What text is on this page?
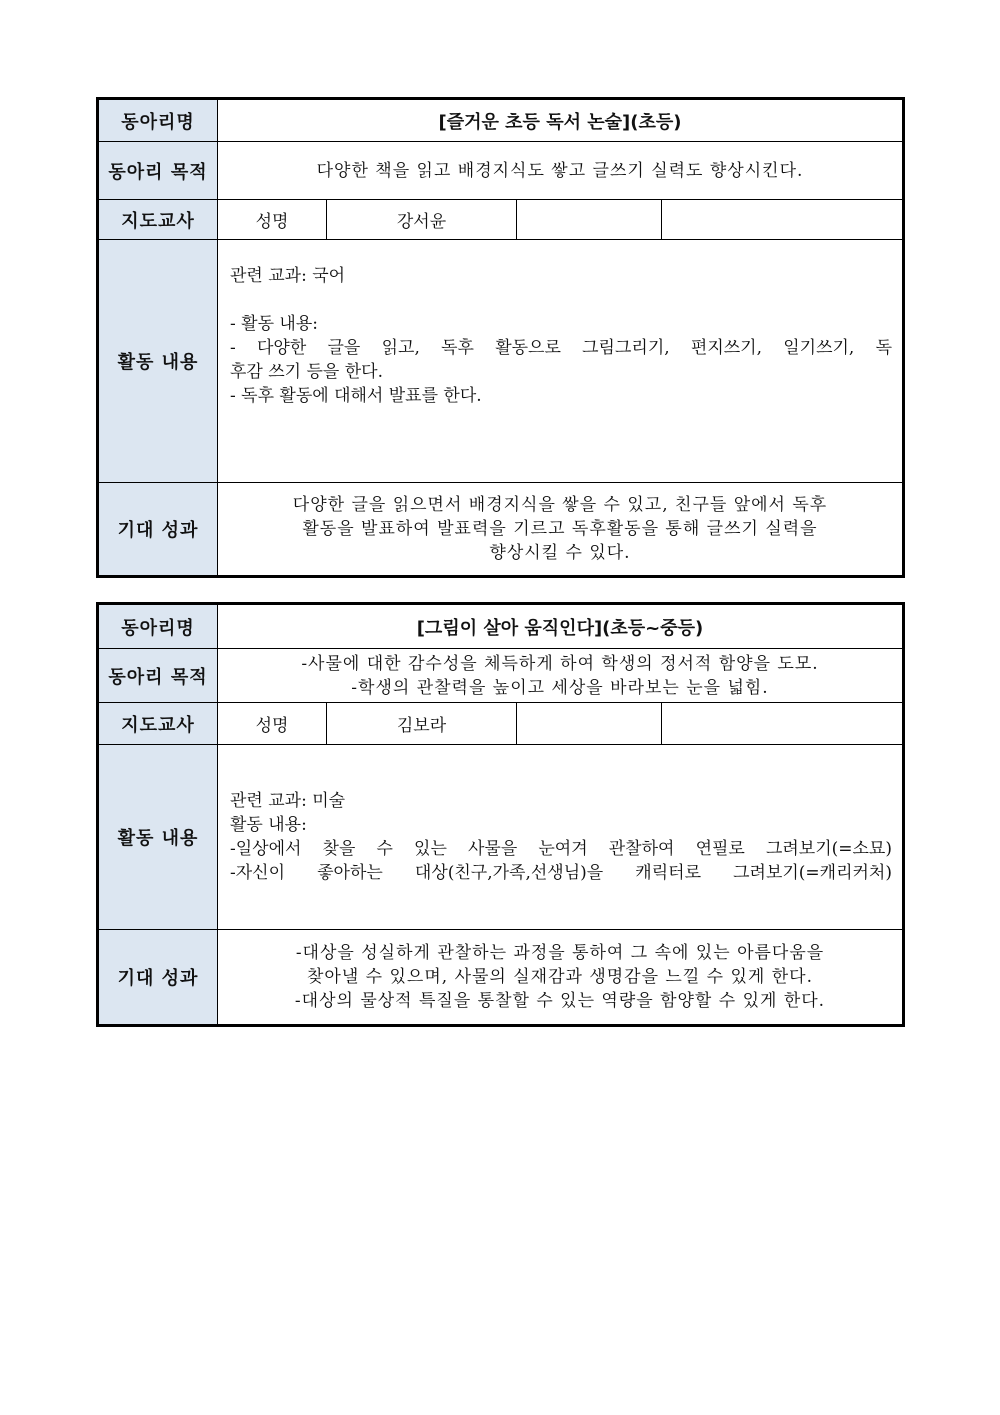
동아리명	[즐거운 초등 독서 논술](초등)			
동아리 목적	다양한 책을 읽고 배경지식도 쌓고 글쓰기 실력도 향상시킨다.			
지도교사	성명	강서윤		
활동 내용	관련 교과: 국어
- 활동 내용:
- 다양한 글을 읽고, 독후 활동으로 그림그리기, 편지쓰기, 일기쓰기, 독
후감 쓰기 등을 한다.
- 독후 활동에 대해서 발표를 한다.			

기대 성과	다양한 글을 읽으면서 배경지식을 쌓을 수 있고, 친구들 앞에서 독후
활동을 발표하여 발표력을 기르고 독후활동을 통해 글쓰기 실력을
향상시킬 수 있다.			
동아리명	[그림이 살아 움직인다](초등~중등)			
동아리 목적	-사물에 대한 감수성을 체득하게 하여 학생의 정서적 함양을 도모.
-학생의 관찰력을 높이고 세상을 바라보는 눈을 넓힘.			

지도교사	성명	김보라		
활동 내용	관련 교과: 미술
활동 내용:
-일상에서 찾을 수 있는 사물을 눈여겨 관찰하여 연필로 그려보기(=소묘)
-자신이 좋아하는 대상(친구,가족,선생님)을 캐릭터로 그려보기(=캐리커처)			

기대 성과	-대상을 성실하게 관찰하는 과정을 통하여 그 속에 있는 아름다움을
찾아낼 수 있으며, 사물의 실재감과 생명감을 느낄 수 있게 한다.
-대상의 물상적 특질을 통찰할 수 있는 역량을 함양할 수 있게 한다.			
